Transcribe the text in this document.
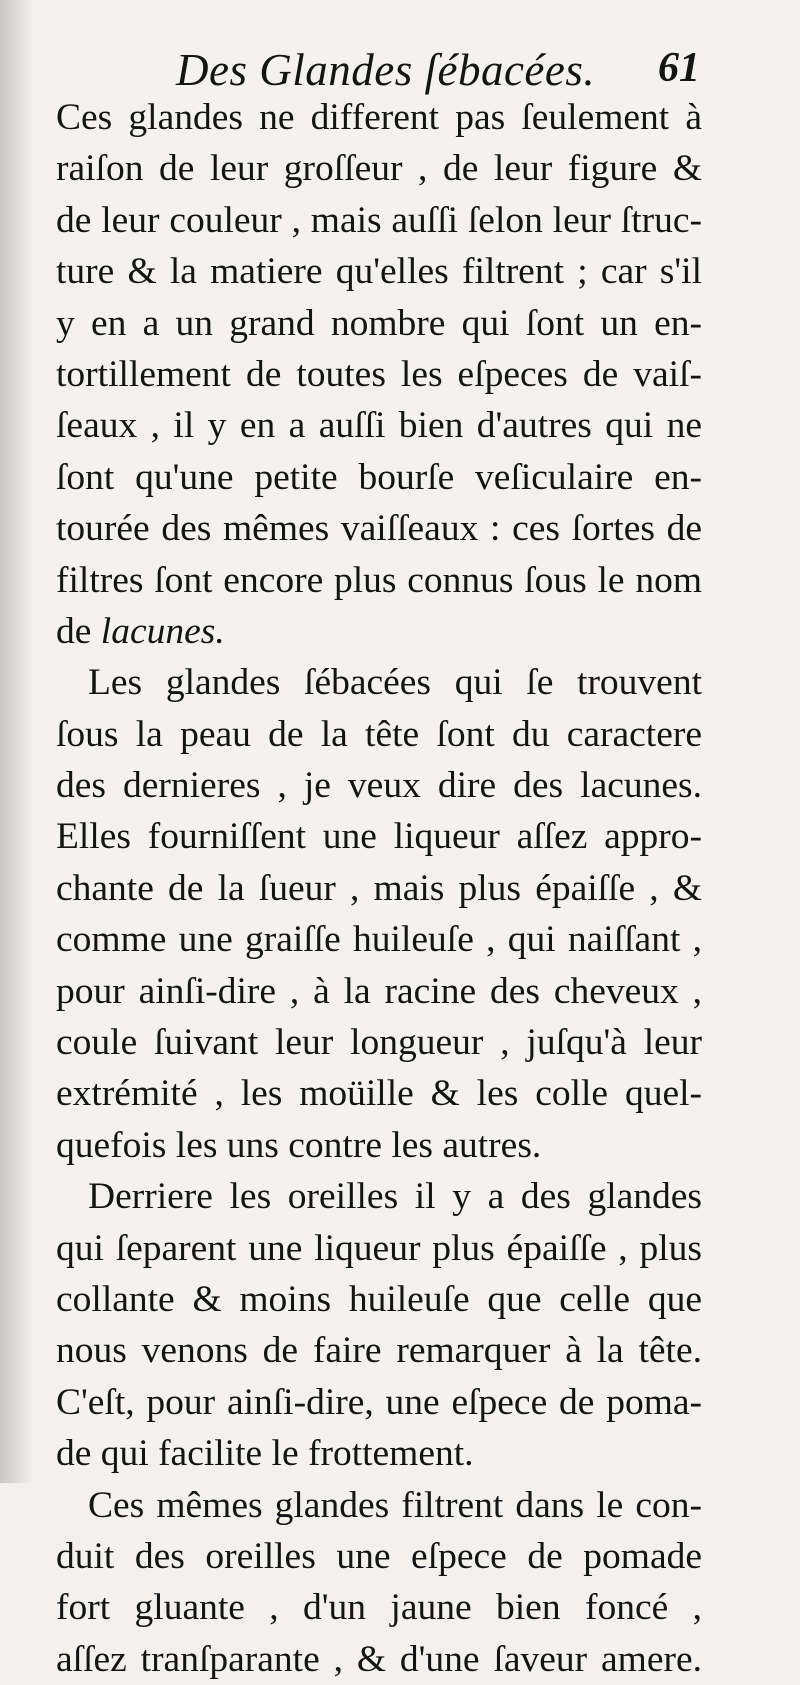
Des Glandes ſébacées. 61
Ces glandes ne different pas ſeulement à
raiſon de leur groſſeur , de leur figure &
de leur couleur , mais auſſi ſelon leur ſtruc-
ture & la matiere qu'elles filtrent ; car s'il
y en a un grand nombre qui ſont un en-
tortillement de toutes les eſpeces de vaiſ-
ſeaux , il y en a auſſi bien d'autres qui ne
ſont qu'une petite bourſe veſiculaire en-
tourée des mêmes vaiſſeaux : ces ſortes de
filtres ſont encore plus connus ſous le nom
de lacunes.
Les glandes ſébacées qui ſe trouvent
ſous la peau de la tête ſont du caractere
des dernieres , je veux dire des lacunes.
Elles fourniſſent une liqueur aſſez appro-
chante de la ſueur , mais plus épaiſſe , &
comme une graiſſe huileuſe , qui naiſſant ,
pour ainſi-dire , à la racine des cheveux ,
coule ſuivant leur longueur , juſqu'à leur
extrémité , les moüille & les colle quel-
quefois les uns contre les autres.
Derriere les oreilles il y a des glandes
qui ſeparent une liqueur plus épaiſſe , plus
collante & moins huileuſe que celle que
nous venons de faire remarquer à la tête.
C'eſt, pour ainſi-dire, une eſpece de poma-
de qui facilite le frottement.
Ces mêmes glandes filtrent dans le con-
duit des oreilles une eſpece de pomade
fort gluante , d'un jaune bien foncé ,
aſſez tranſparante , & d'une ſaveur amere.
